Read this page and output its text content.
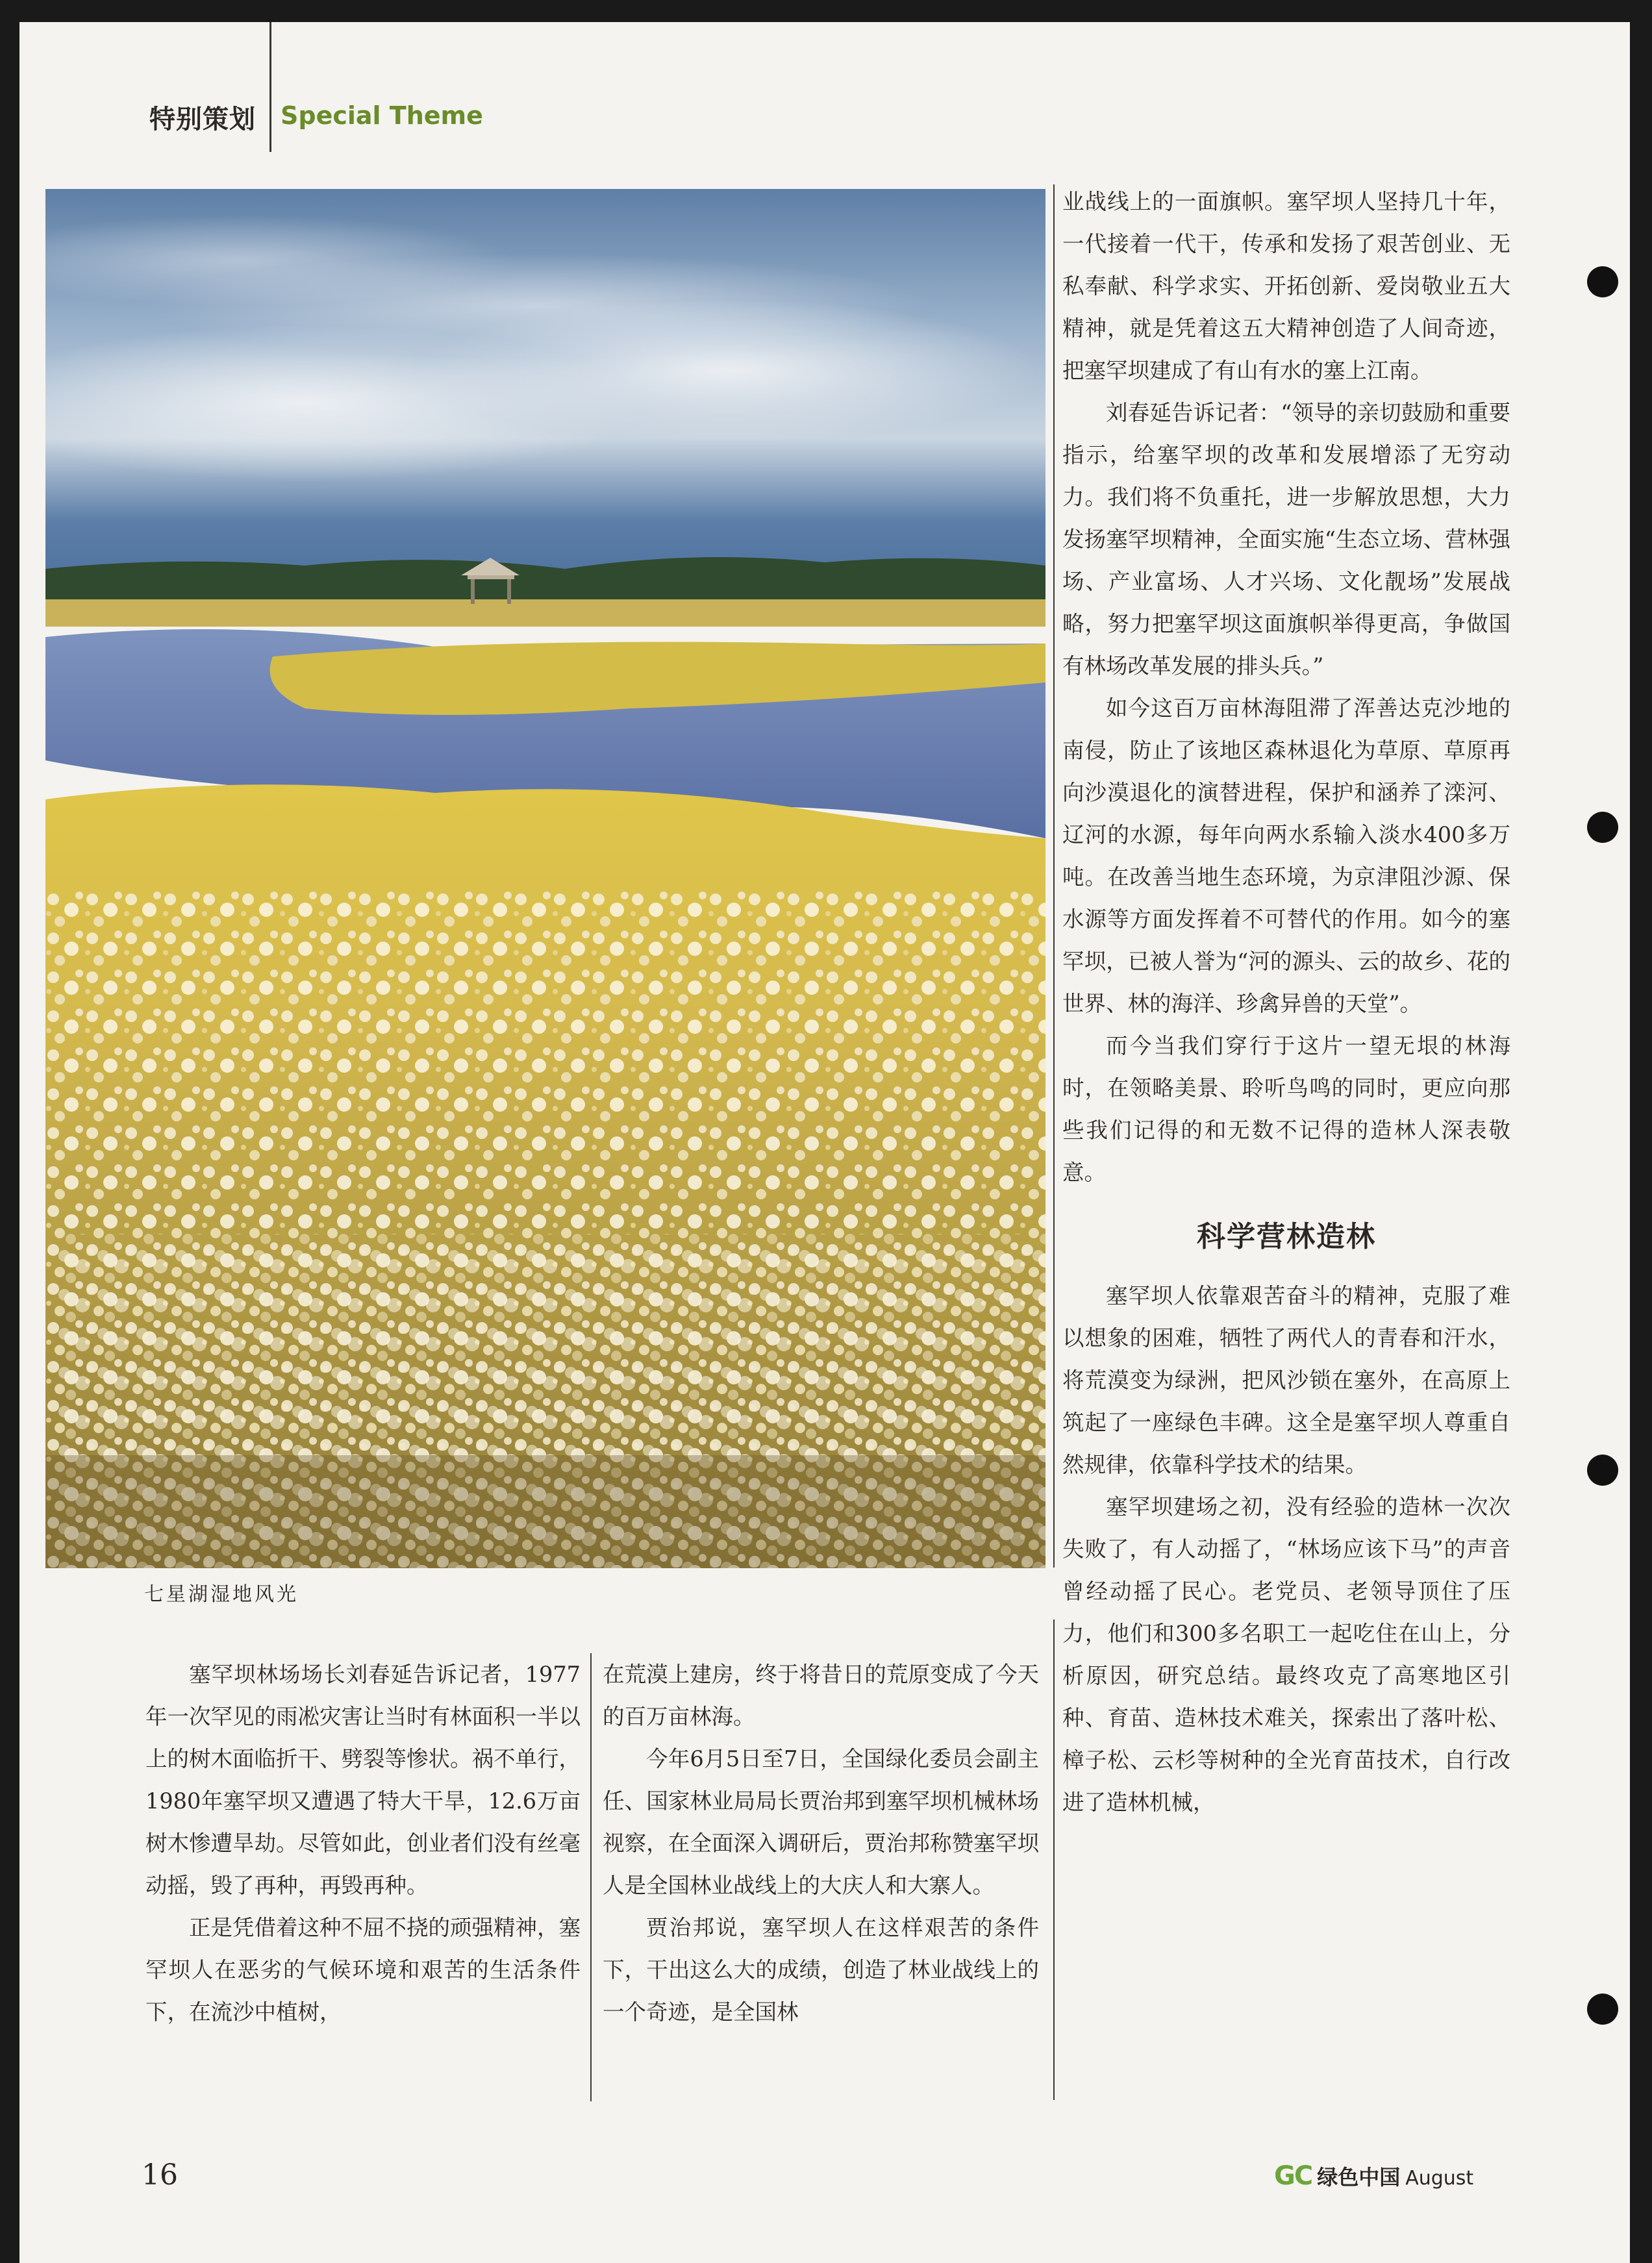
特别策划 Special Theme
七星湖湿地风光

业战线上的一面旗帜。塞罕坝人坚持几十年，一代接着一代干，传承和发扬了艰苦创业、无私奉献、科学求实、开拓创新、爱岗敬业五大精神，就是凭着这五大精神创造了人间奇迹，把塞罕坝建成了有山有水的塞上江南。

刘春延告诉记者：“领导的亲切鼓励和重要指示，给塞罕坝的改革和发展增添了无穷动力。我们将不负重托，进一步解放思想，大力发扬塞罕坝精神，全面实施“生态立场、营林强场、产业富场、人才兴场、文化靓场”发展战略，努力把塞罕坝这面旗帜举得更高，争做国有林场改革发展的排头兵。”

如今这百万亩林海阻滞了浑善达克沙地的南侵，防止了该地区森林退化为草原、草原再向沙漠退化的演替进程，保护和涵养了滦河、辽河的水源，每年向两水系输入淡水400多万吨。在改善当地生态环境，为京津阻沙源、保水源等方面发挥着不可替代的作用。如今的塞罕坝，已被人誉为“河的源头、云的故乡、花的世界、林的海洋、珍禽异兽的天堂”。

而今当我们穿行于这片一望无垠的林海时，在领略美景、聆听鸟鸣的同时，更应向那些我们记得的和无数不记得的造林人深表敬意。

科学营林造林

塞罕坝人依靠艰苦奋斗的精神，克服了难以想象的困难，牺牲了两代人的青春和汗水，将荒漠变为绿洲，把风沙锁在塞外，在高原上筑起了一座绿色丰碑。这全是塞罕坝人尊重自然规律，依靠科学技术的结果。

塞罕坝建场之初，没有经验的造林一次次失败了，有人动摇了，“林场应该下马”的声音曾经动摇了民心。老党员、老领导顶住了压力，他们和300多名职工一起吃住在山上，分析原因，研究总结。最终攻克了高寒地区引种、育苗、造林技术难关，探索出了落叶松、樟子松、云杉等树种的全光育苗技术，自行改进了造林机械，

塞罕坝林场场长刘春延告诉记者，1977年一次罕见的雨凇灾害让当时有林面积一半以上的树木面临折干、劈裂等惨状。祸不单行，1980年塞罕坝又遭遇了特大干旱，12.6万亩树木惨遭旱劫。尽管如此，创业者们没有丝毫动摇，毁了再种，再毁再种。

正是凭借着这种不屈不挠的顽强精神，塞罕坝人在恶劣的气候环境和艰苦的生活条件下，在流沙中植树，

在荒漠上建房，终于将昔日的荒原变成了今天的百万亩林海。

今年6月5日至7日，全国绿化委员会副主任、国家林业局局长贾治邦到塞罕坝机械林场视察，在全面深入调研后，贾治邦称赞塞罕坝人是全国林业战线上的大庆人和大寨人。

贾治邦说，塞罕坝人在这样艰苦的条件下，干出这么大的成绩，创造了林业战线上的一个奇迹，是全国林

16	GC 绿色中国 August
